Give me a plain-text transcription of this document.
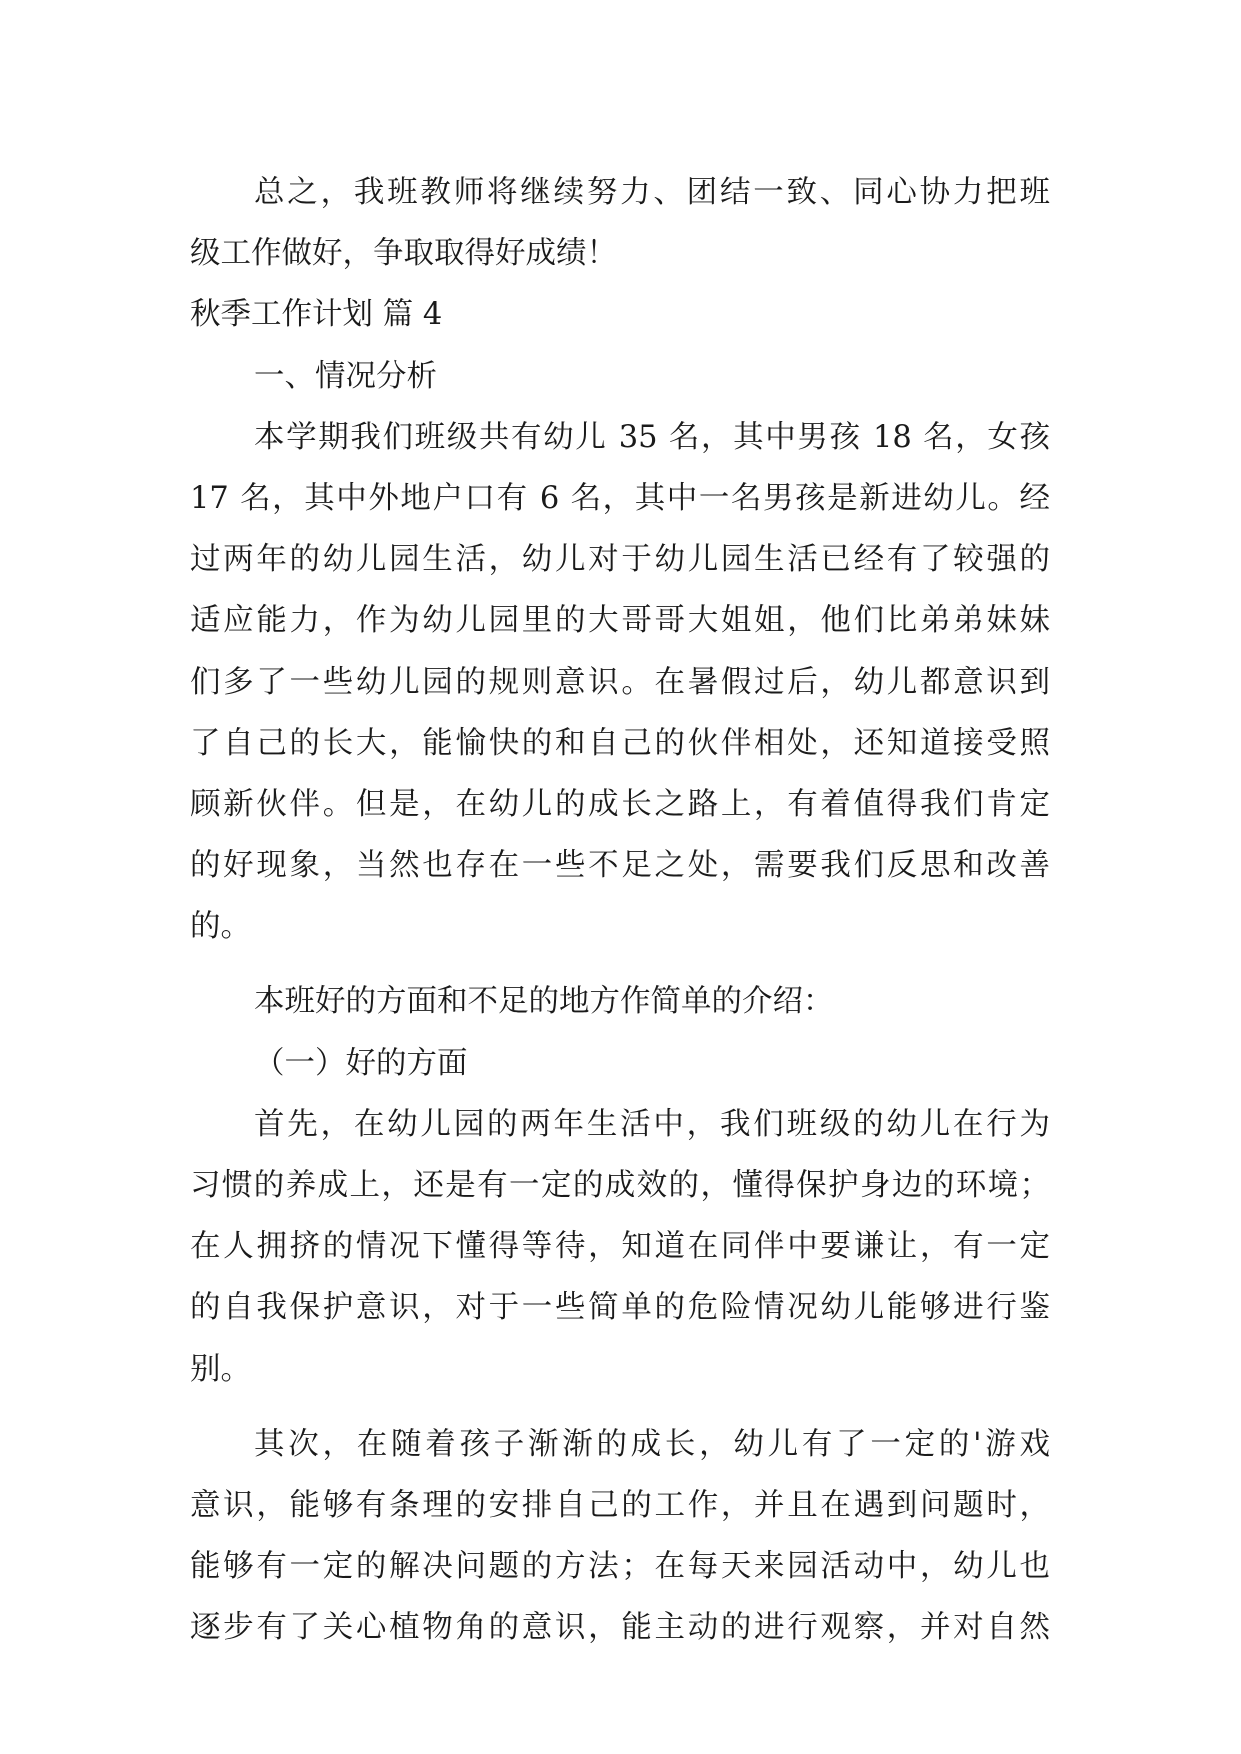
总之，我班教师将继续努力、团结一致、同心协力把班
级工作做好，争取取得好成绩！
秋季工作计划 篇 4
一、情况分析
本学期我们班级共有幼儿 35 名，其中男孩 18 名，女孩
17 名，其中外地户口有 6 名，其中一名男孩是新进幼儿。经
过两年的幼儿园生活，幼儿对于幼儿园生活已经有了较强的
适应能力，作为幼儿园里的大哥哥大姐姐，他们比弟弟妹妹
们多了一些幼儿园的规则意识。在暑假过后，幼儿都意识到
了自己的长大，能愉快的和自己的伙伴相处，还知道接受照
顾新伙伴。但是，在幼儿的成长之路上，有着值得我们肯定
的好现象，当然也存在一些不足之处，需要我们反思和改善
的。
本班好的方面和不足的地方作简单的介绍：
（一）好的方面
首先，在幼儿园的两年生活中，我们班级的幼儿在行为
习惯的养成上，还是有一定的成效的，懂得保护身边的环境；
在人拥挤的情况下懂得等待，知道在同伴中要谦让，有一定
的自我保护意识，对于一些简单的危险情况幼儿能够进行鉴
别。
其次，在随着孩子渐渐的成长，幼儿有了一定的'游戏
意识，能够有条理的安排自己的工作，并且在遇到问题时，
能够有一定的解决问题的方法；在每天来园活动中，幼儿也
逐步有了关心植物角的意识，能主动的进行观察，并对自然
